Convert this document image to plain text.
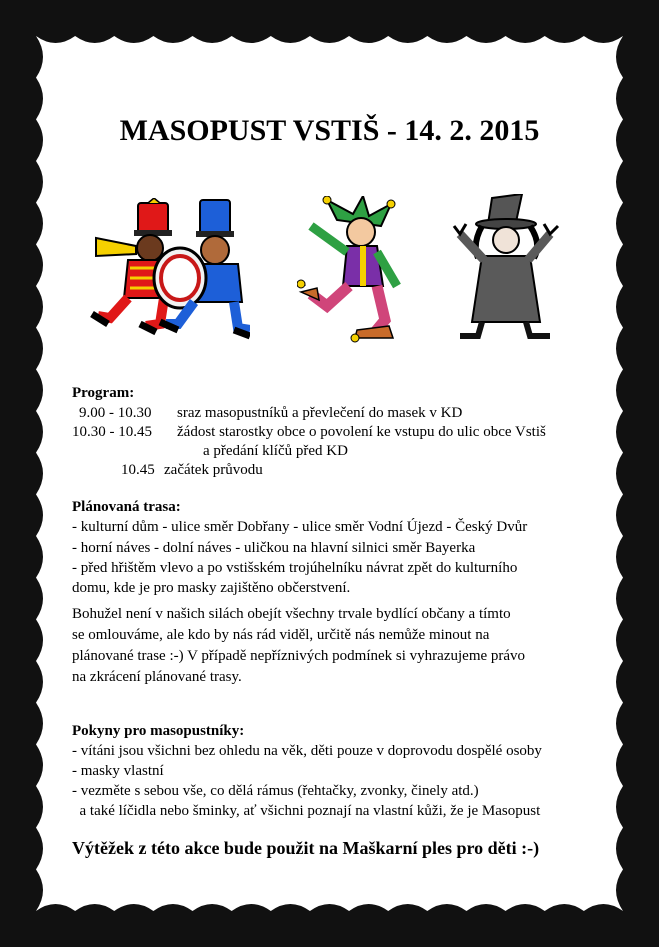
MASOPUST VSTIŠ - 14. 2. 2015
Program:
9.00 - 10.30 sraz masopustníků a převlečení do masek v KD
10.30 - 10.45 žádost starostky obce o povolení ke vstupu do ulic obce Vstiš
a předání klíčů před KD
10.45 začátek průvodu
Plánovaná trasa:
- kulturní dům - ulice směr Dobřany - ulice směr Vodní Újezd - Český Dvůr
- horní náves - dolní náves - uličkou na hlavní silnici směr Bayerka
- před hřištěm vlevo a po vstišském trojúhelníku návrat zpět do kulturního
domu, kde je pro masky zajištěno občerstvení.
Bohužel není v našich silách obejít všechny trvale bydlící občany a tímto
se omlouváme, ale kdo by nás rád viděl, určitě nás nemůže minout na
plánované trase :-) V případě nepříznivých podmínek si vyhrazujeme právo
na zkrácení plánované trasy.
Pokyny pro masopustníky:
- vítáni jsou všichni bez ohledu na věk, děti pouze v doprovodu dospělé osoby
- masky vlastní
- vezměte s sebou vše, co dělá rámus (řehtačky, zvonky, činely atd.)
a také líčidla nebo šminky, ať všichni poznají na vlastní kůži, že je Masopust
Výtěžek z této akce bude použit na Maškarní ples pro děti :-)
